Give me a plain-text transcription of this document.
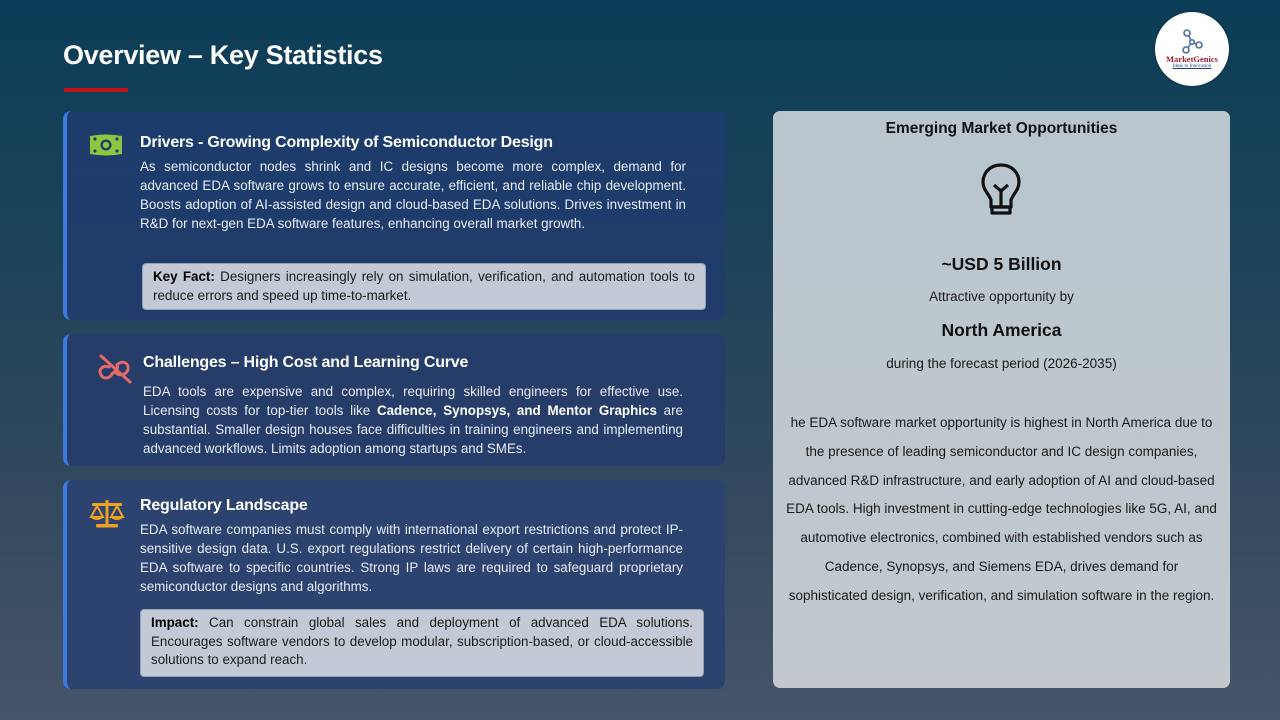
Overview – Key Statistics	MarketGenics
Ideas to Innovation
Drivers - Growing Complexity of Semiconductor Design
As semiconductor nodes shrink and IC designs become more complex, demand for advanced EDA software grows to ensure accurate, efficient, and reliable chip development. Boosts adoption of AI-assisted design and cloud-based EDA solutions. Drives investment in R&D for next-gen EDA software features, enhancing overall market growth.
Key Fact: Designers increasingly rely on simulation, verification, and automation tools to reduce errors and speed up time-to-market.
Challenges – High Cost and Learning Curve
EDA tools are expensive and complex, requiring skilled engineers for effective use. Licensing costs for top-tier tools like Cadence, Synopsys, and Mentor Graphics are substantial. Smaller design houses face difficulties in training engineers and implementing advanced workflows. Limits adoption among startups and SMEs.
Regulatory Landscape
EDA software companies must comply with international export restrictions and protect IP-sensitive design data. U.S. export regulations restrict delivery of certain high-performance EDA software to specific countries. Strong IP laws are required to safeguard proprietary semiconductor designs and algorithms.
Impact: Can constrain global sales and deployment of advanced EDA solutions. Encourages software vendors to develop modular, subscription-based, or cloud-accessible solutions to expand reach.
Emerging Market Opportunities
~USD 5 Billion
Attractive opportunity by
North America
during the forecast period (2026-2035)
he EDA software market opportunity is highest in North America due to the presence of leading semiconductor and IC design companies, advanced R&D infrastructure, and early adoption of AI and cloud-based EDA tools. High investment in cutting-edge technologies like 5G, AI, and automotive electronics, combined with established vendors such as Cadence, Synopsys, and Siemens EDA, drives demand for sophisticated design, verification, and simulation software in the region.
